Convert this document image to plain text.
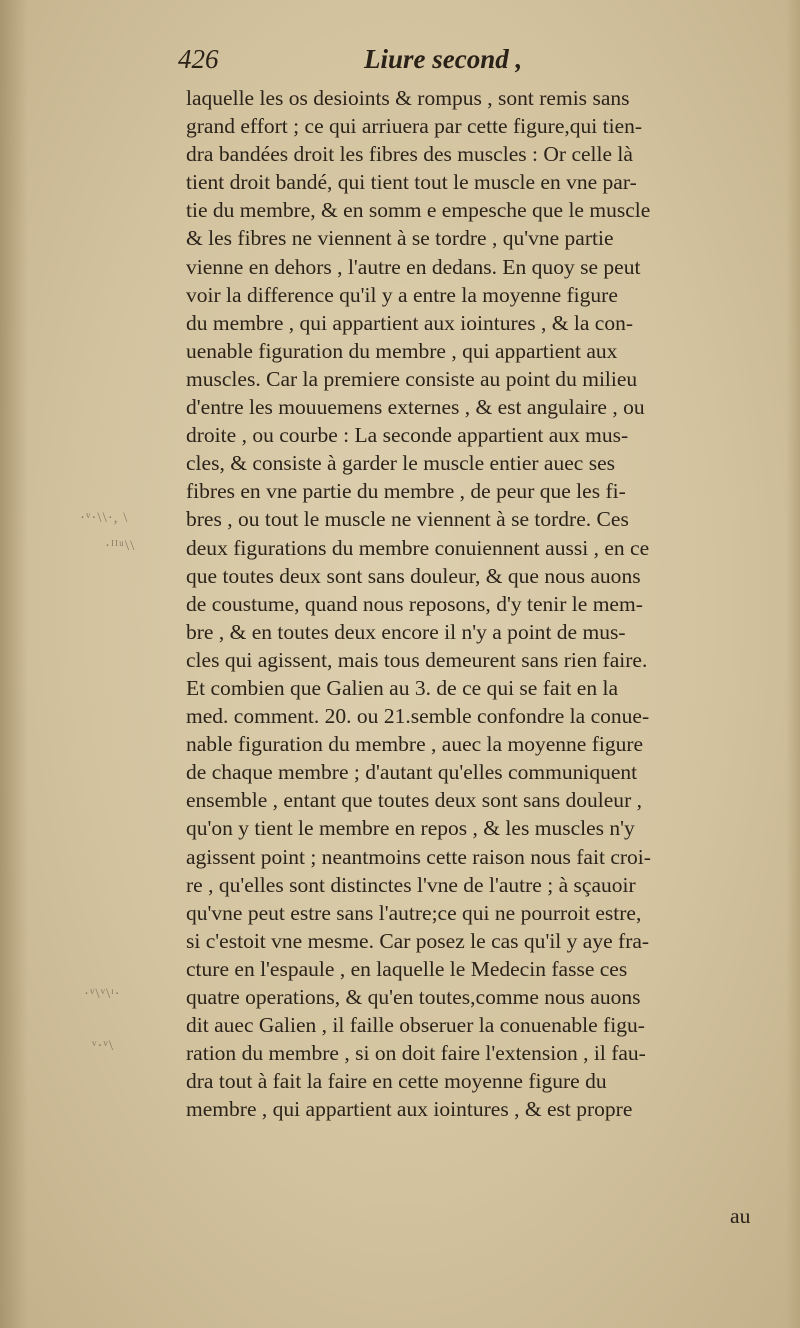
426	Liure second ,
laquelle les os desioints & rompus , sont remis sans
grand effort ; ce qui arriuera par cette figure,qui tien-
dra bandées droit les fibres des muscles : Or celle là
tient droit bandé, qui tient tout le muscle en vne par-
tie du membre, & en somm e empesche que le muscle
& les fibres ne viennent à se tordre , qu'vne partie
vienne en dehors , l'autre en dedans. En quoy se peut
voir la difference qu'il y a entre la moyenne figure
du membre , qui appartient aux iointures , & la con-
uenable figuration du membre , qui appartient aux
muscles. Car la premiere consiste au point du milieu
d'entre les mouuemens externes , & est angulaire , ou
droite , ou courbe : La seconde appartient aux mus-
cles, & consiste à garder le muscle entier auec ses
fibres en vne partie du membre , de peur que les fi-
bres , ou tout le muscle ne viennent à se tordre. Ces
deux figurations du membre conuiennent aussi , en ce
que toutes deux sont sans douleur, & que nous auons
de coustume, quand nous reposons, d'y tenir le mem-
bre , & en toutes deux encore il n'y a point de mus-
cles qui agissent, mais tous demeurent sans rien faire.
Et combien que Galien au 3. de ce qui se fait en la
med. comment. 20. ou 21.semble confondre la conue-
nable figuration du membre , auec la moyenne figure
de chaque membre ; d'autant qu'elles communiquent
ensemble , entant que toutes deux sont sans douleur ,
qu'on y tient le membre en repos , & les muscles n'y
agissent point ; neantmoins cette raison nous fait croi-
re , qu'elles sont distinctes l'vne de l'autre ; à sçauoir
qu'vne peut estre sans l'autre;ce qui ne pourroit estre,
si c'estoit vne mesme. Car posez le cas qu'il y aye fra-
cture en l'espaule , en laquelle le Medecin fasse ces
quatre operations, & qu'en toutes,comme nous auons
dit auec Galien , il faille obseruer la conuenable figu-
ration du membre , si on doit faire l'extension , il fau-
dra tout à fait la faire en cette moyenne figure du
membre , qui appartient aux iointures , & est propre
·ᵛ·\\·, \
·ᴵᴵᵘ\\
·ᵛ\ᵛ\ᶦ·
ᵛ·ᵛ\
au
